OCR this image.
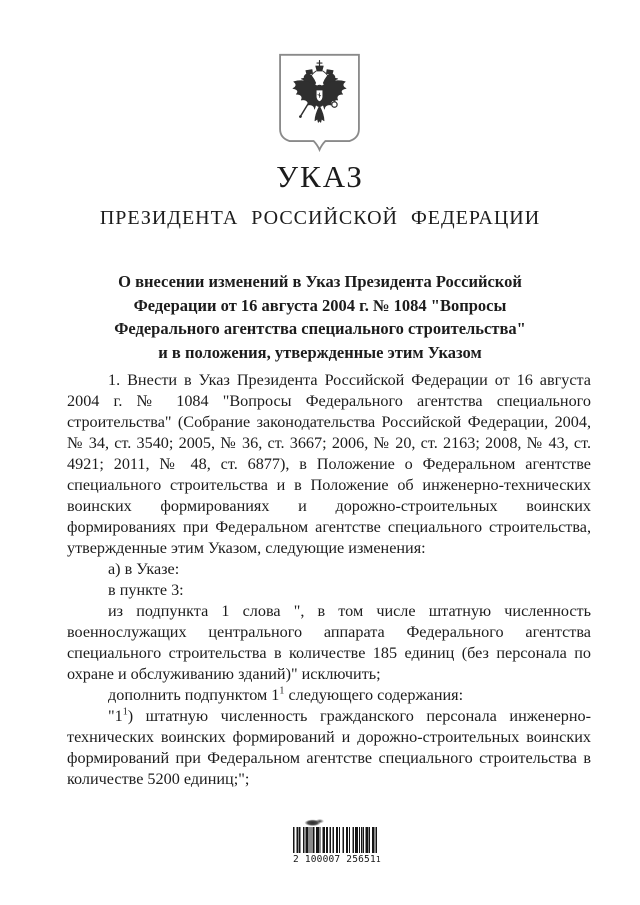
УКАЗ
ПРЕЗИДЕНТА РОССИЙСКОЙ ФЕДЕРАЦИИ
О внесении изменений в Указ Президента Российской
Федерации от 16 августа 2004 г. № 1084 "Вопросы
Федерального агентства специального строительства"
и в положения, утвержденные этим Указом

1. Внести в Указ Президента Российской Федерации от 16 августа 2004 г. № 1084 "Вопросы Федерального агентства специального строительства" (Собрание законодательства Российской Федерации, 2004, № 34, ст. 3540; 2005, № 36, ст. 3667; 2006, № 20, ст. 2163; 2008, № 43, ст. 4921; 2011, № 48, ст. 6877), в Положение о Федеральном агентстве специального строительства и в Положение об инженерно-технических воинских формированиях и дорожно-строительных воинских формированиях при Федеральном агентстве специального строительства, утвержденные этим Указом, следующие изменения:

а) в Указе:

в пункте 3:

из подпункта 1 слова ", в том числе штатную численность военнослужащих центрального аппарата Федерального агентства специального строительства в количестве 185 единиц (без персонала по охране и обслуживанию зданий)" исключить;

дополнить подпунктом $1^1$ следующего содержания:

"$1^1$) штатную численность гражданского персонала инженерно-технических воинских формирований и дорожно-строительных воинских формирований при Федеральном агентстве специального строительства в количестве 5200 единиц;";

2 100007 25651 1
